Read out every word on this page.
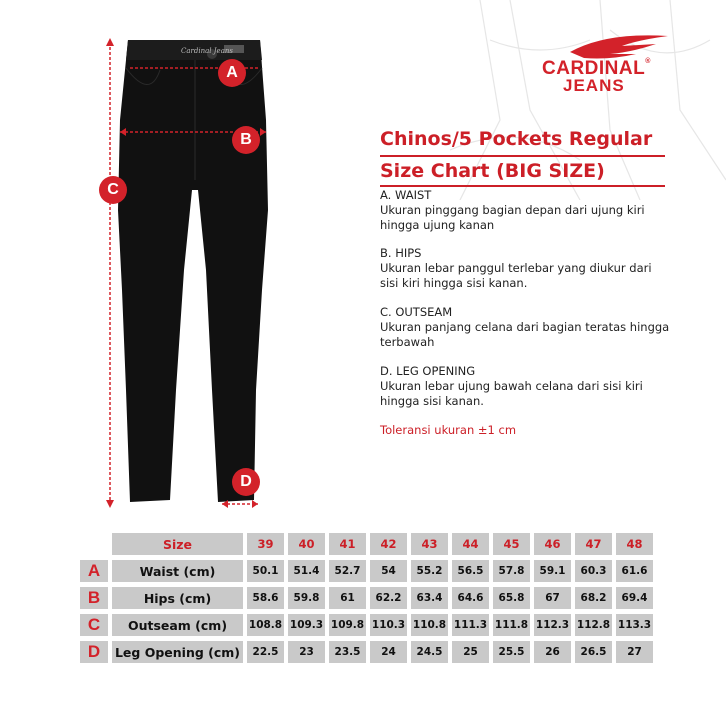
Cardinal Jeans
A
B
C
D
CARDINAL®
JEANS
Chinos/5 Pockets Regular
Size Chart (BIG SIZE)
A. WAIST
Ukuran pinggang bagian depan dari ujung kiri hingga ujung kanan
B. HIPS
Ukuran lebar panggul terlebar yang diukur dari sisi kiri hingga sisi kanan.
C. OUTSEAM
Ukuran panjang celana dari bagian teratas hingga terbawah
D. LEG OPENING
Ukuran lebar ujung bawah celana dari sisi kiri hingga sisi kanan.
Toleransi ukuran ±1 cm
	Size	39	40	41	42	43	44	45	46	47	48
A	Waist (cm)	50.1	51.4	52.7	54	55.2	56.5	57.8	59.1	60.3	61.6
B	Hips (cm)	58.6	59.8	61	62.2	63.4	64.6	65.8	67	68.2	69.4
C	Outseam (cm)	108.8	109.3	109.8	110.3	110.8	111.3	111.8	112.3	112.8	113.3
D	Leg Opening (cm)	22.5	23	23.5	24	24.5	25	25.5	26	26.5	27
